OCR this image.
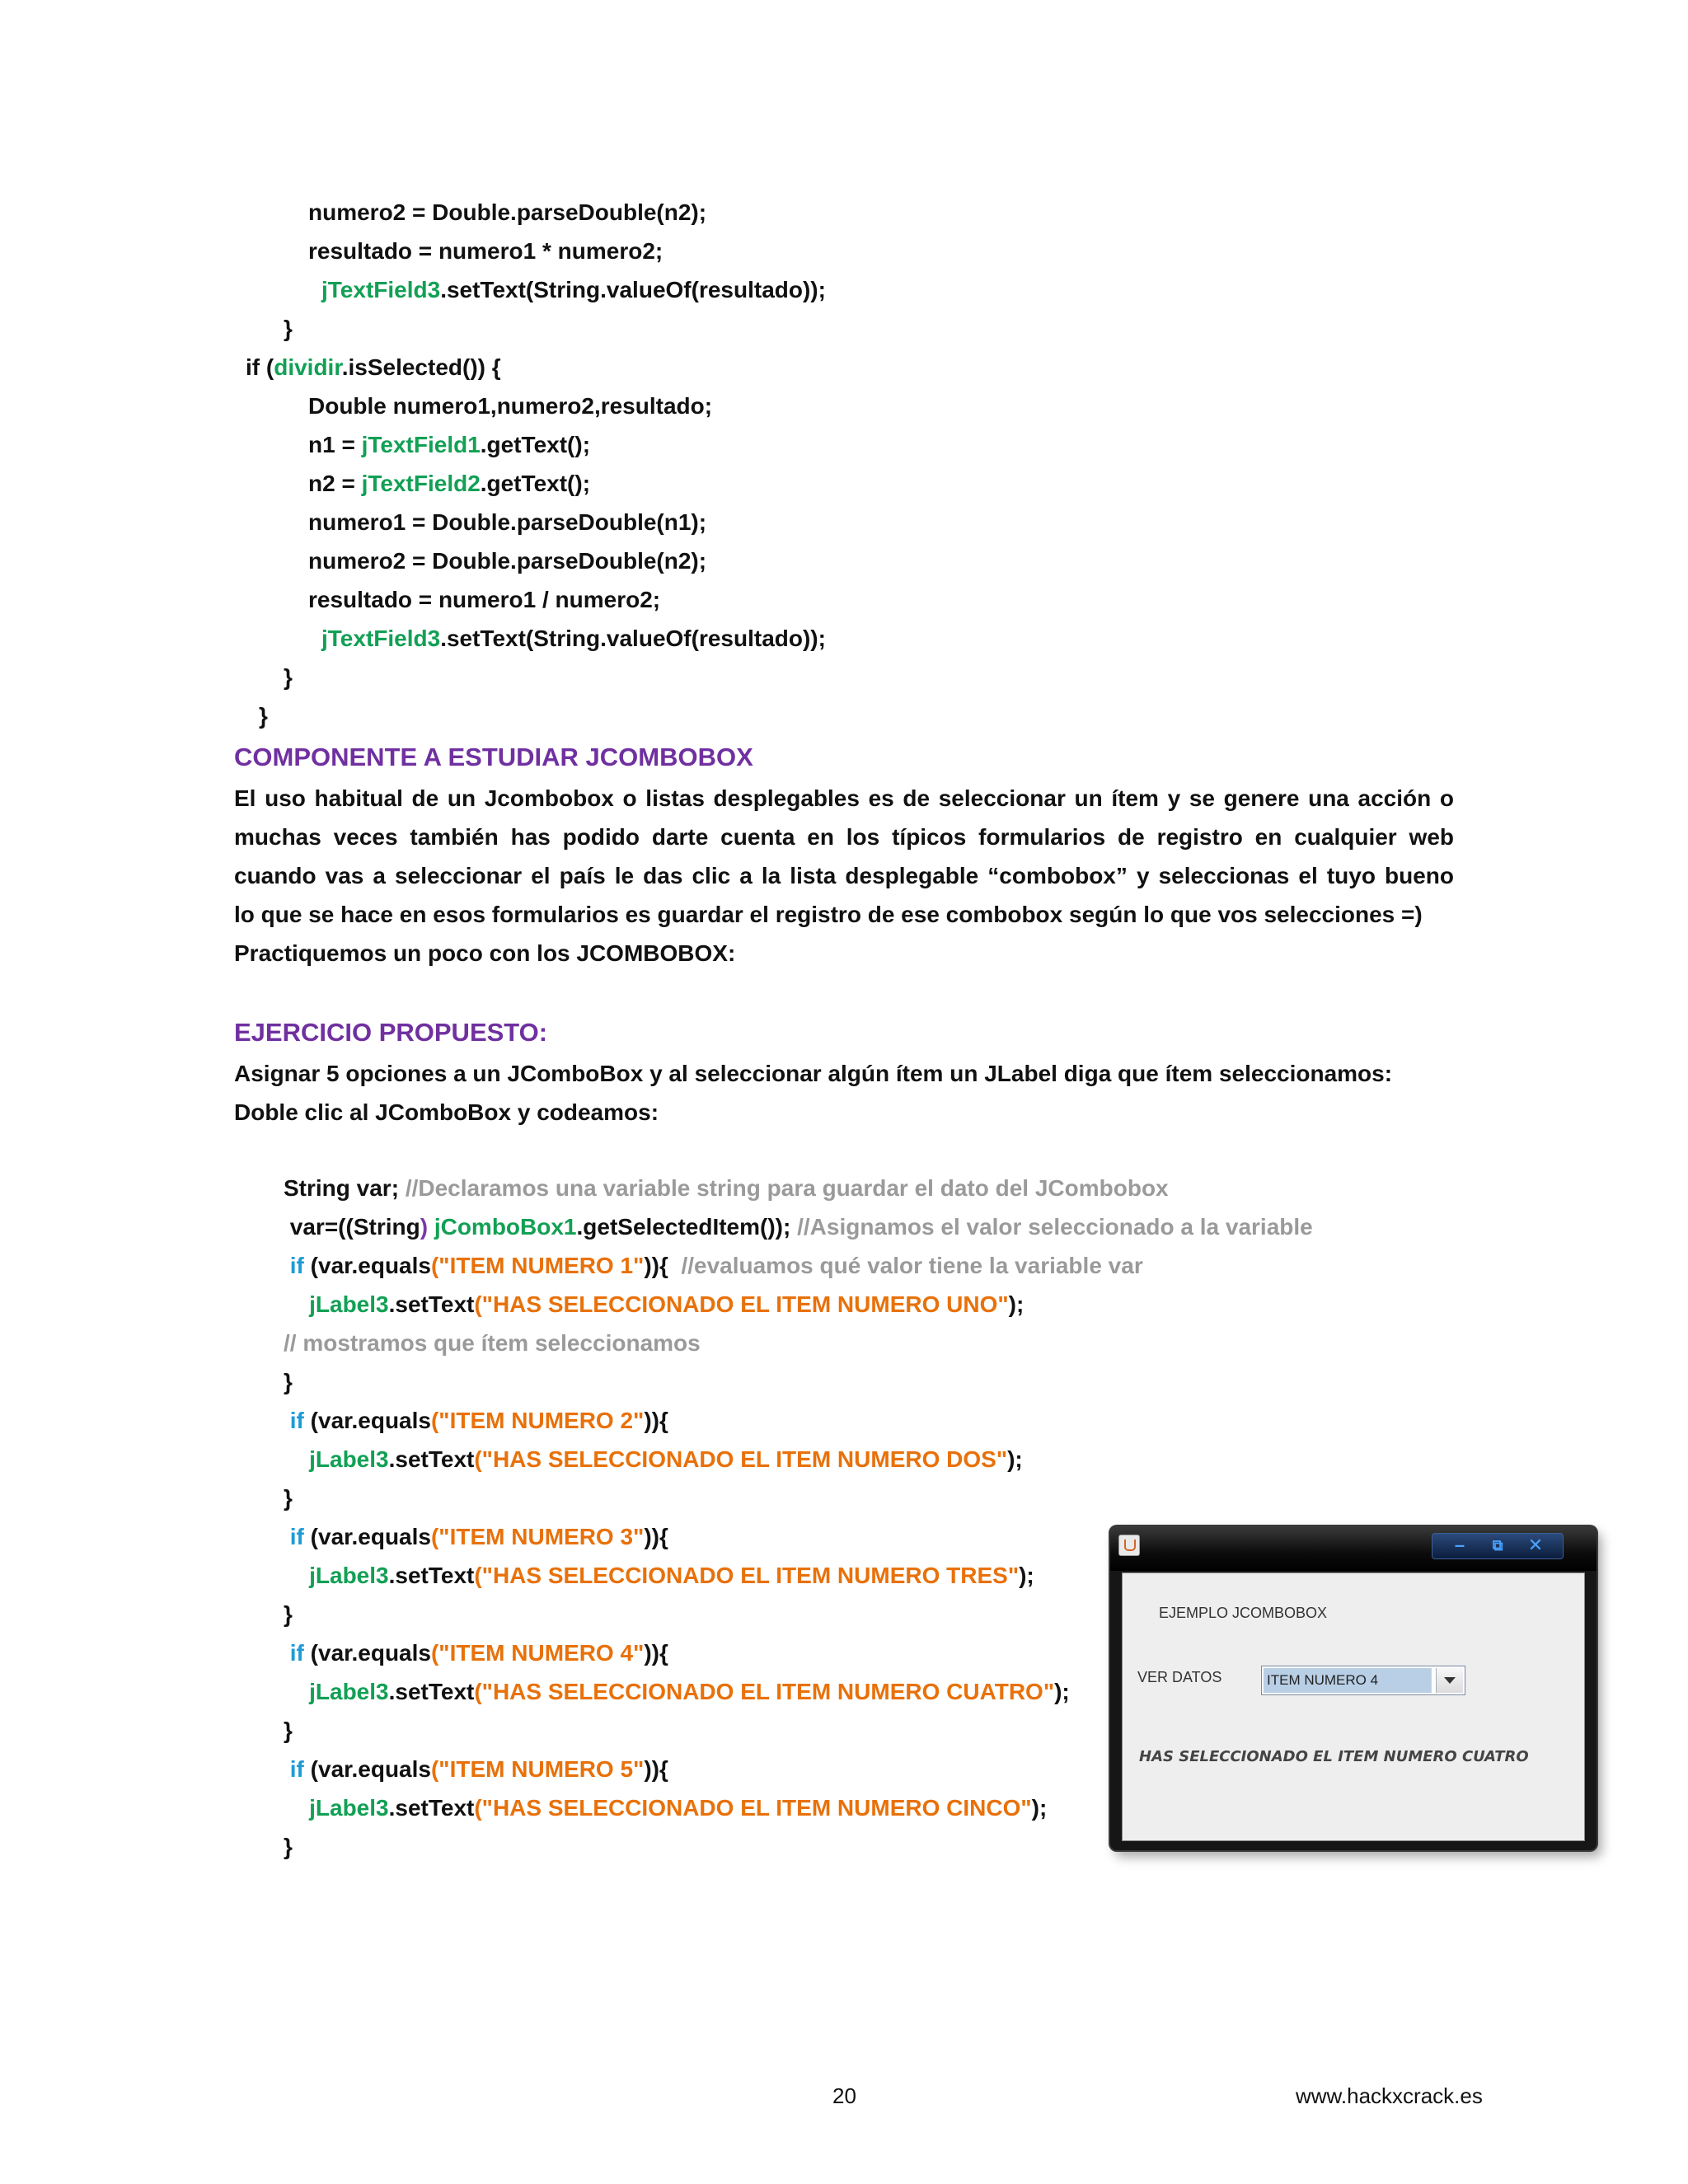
numero2 = Double.parseDouble(n2);
resultado = numero1 * numero2;
jTextField3.setText(String.valueOf(resultado));
}
if (dividir.isSelected()) {
Double numero1,numero2,resultado;
n1 = jTextField1.getText();
n2 = jTextField2.getText();
numero1 = Double.parseDouble(n1);
numero2 = Double.parseDouble(n2);
resultado = numero1 / numero2;
jTextField3.setText(String.valueOf(resultado));
}
}
COMPONENTE A ESTUDIAR JCOMBOBOX
El uso habitual de un Jcombobox o listas desplegables es de seleccionar un ítem y se genere una acción o
muchas veces también has podido darte cuenta en los típicos formularios de registro en cualquier web
cuando vas a seleccionar el país le das clic a la lista desplegable “combobox” y seleccionas el tuyo bueno
lo que se hace en esos formularios es guardar el registro de ese combobox según lo que vos selecciones =)
Practiquemos un poco con los JCOMBOBOX:
EJERCICIO PROPUESTO:
Asignar 5 opciones a un JComboBox y al seleccionar algún ítem un JLabel diga que ítem seleccionamos:
Doble clic al JComboBox y codeamos:
String var; //Declaramos una variable string para guardar el dato del JCombobox
var=((String) jComboBox1.getSelectedItem()); //Asignamos el valor seleccionado a la variable
if (var.equals("ITEM NUMERO 1")){  //evaluamos qué valor tiene la variable var
jLabel3.setText("HAS SELECCIONADO EL ITEM NUMERO UNO");
// mostramos que ítem seleccionamos
}
if (var.equals("ITEM NUMERO 2")){
jLabel3.setText("HAS SELECCIONADO EL ITEM NUMERO DOS");
}
if (var.equals("ITEM NUMERO 3")){
jLabel3.setText("HAS SELECCIONADO EL ITEM NUMERO TRES");
}
if (var.equals("ITEM NUMERO 4")){
jLabel3.setText("HAS SELECCIONADO EL ITEM NUMERO CUATRO");
}
if (var.equals("ITEM NUMERO 5")){
jLabel3.setText("HAS SELECCIONADO EL ITEM NUMERO CINCO");
}
–	⧉	✕
EJEMPLO JCOMBOBOX
VER DATOS	ITEM NUMERO 4
HAS SELECCIONADO EL ITEM NUMERO CUATRO
20	www.hackxcrack.es
